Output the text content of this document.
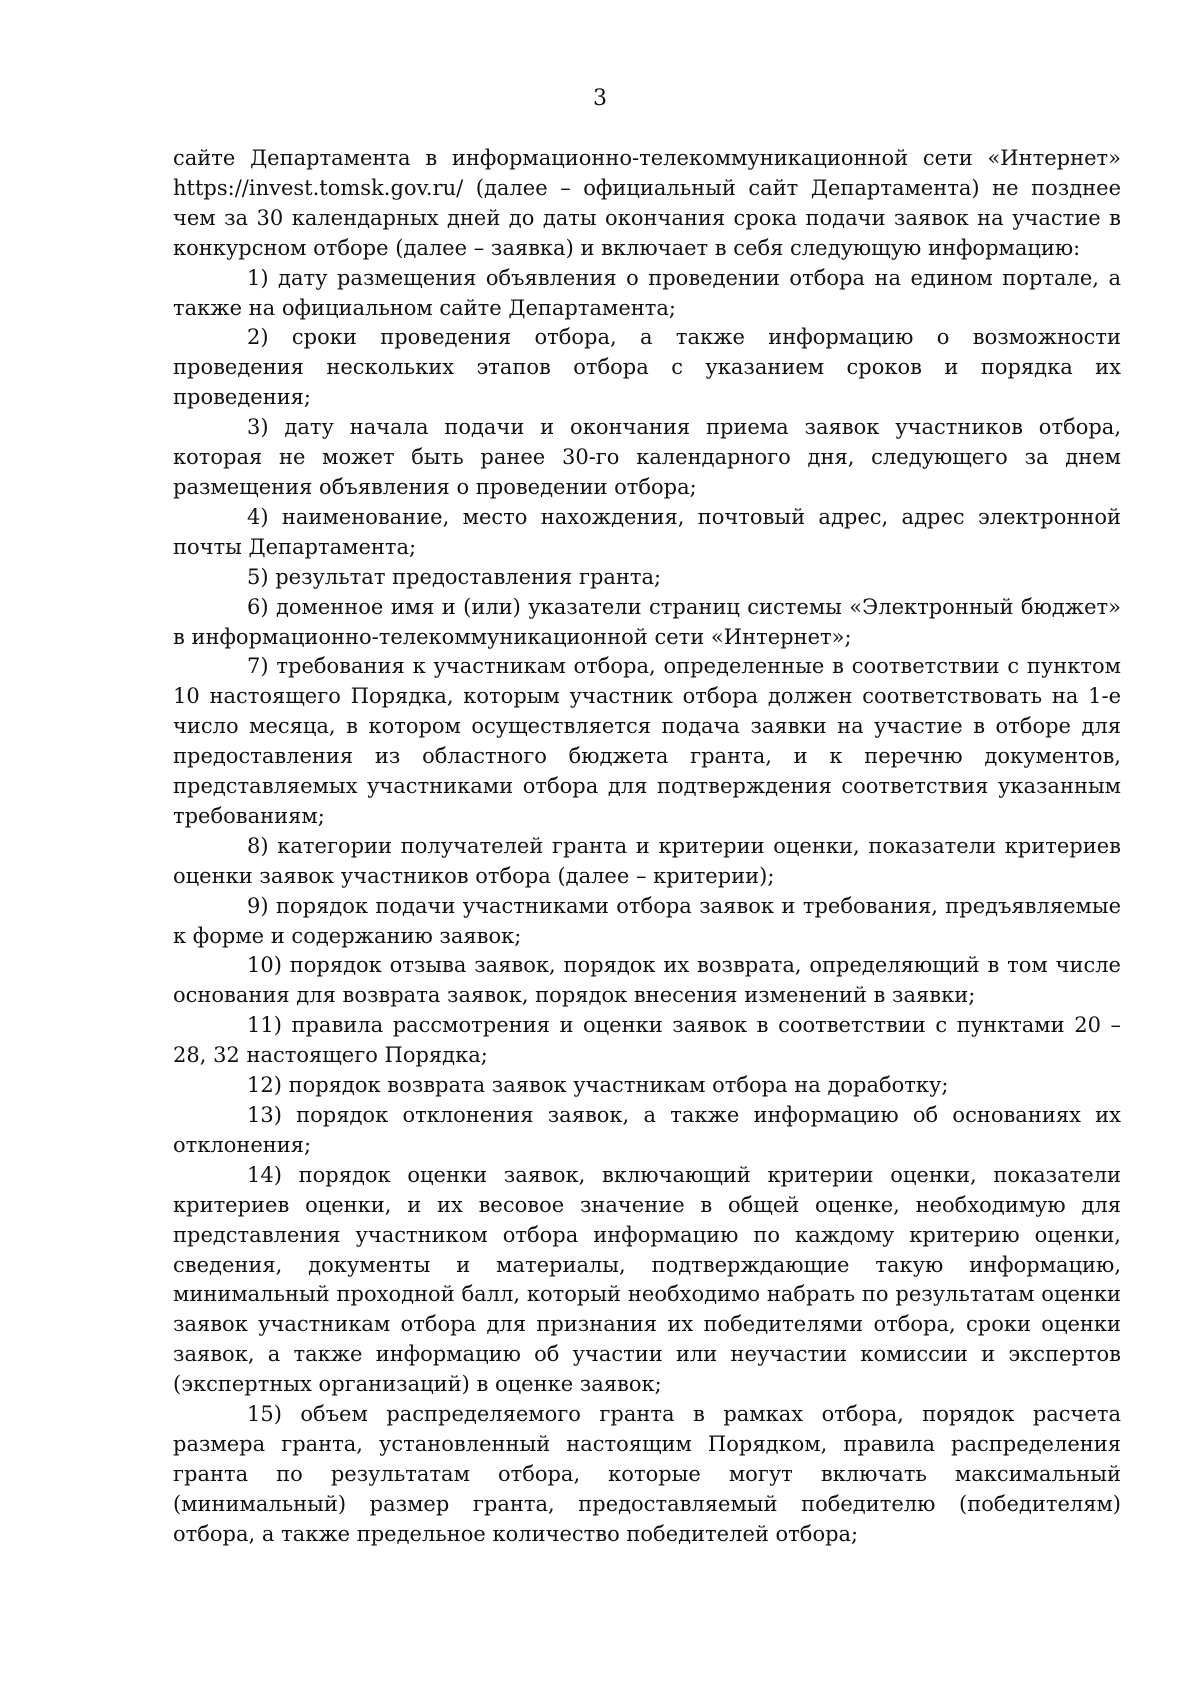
3

сайте Департамента в информационно-телекоммуникационной сети «Интернет» https://invest.tomsk.gov.ru/ (далее – официальный сайт Департамента) не позднее чем за 30 календарных дней до даты окончания срока подачи заявок на участие в конкурсном отборе (далее – заявка) и включает в себя следующую информацию:

1) дату размещения объявления о проведении отбора на едином портале, а также на официальном сайте Департамента;

2) сроки проведения отбора, а также информацию о возможности проведения нескольких этапов отбора с указанием сроков и порядка их проведения;

3) дату начала подачи и окончания приема заявок участников отбора, которая не может быть ранее 30-го календарного дня, следующего за днем размещения объявления о проведении отбора;

4) наименование, место нахождения, почтовый адрес, адрес электронной почты Департамента;

5) результат предоставления гранта;

6) доменное имя и (или) указатели страниц системы «Электронный бюджет» в информационно-телекоммуникационной сети «Интернет»;

7) требования к участникам отбора, определенные в соответствии с пунктом 10 настоящего Порядка, которым участник отбора должен соответствовать на 1-е число месяца, в котором осуществляется подача заявки на участие в отборе для предоставления из областного бюджета гранта, и к перечню документов, представляемых участниками отбора для подтверждения соответствия указанным требованиям;

8) категории получателей гранта и критерии оценки, показатели критериев оценки заявок участников отбора (далее – критерии);

9) порядок подачи участниками отбора заявок и требования, предъявляемые к форме и содержанию заявок;

10) порядок отзыва заявок, порядок их возврата, определяющий в том числе основания для возврата заявок, порядок внесения изменений в заявки;

11) правила рассмотрения и оценки заявок в соответствии с пунктами 20 – 28, 32 настоящего Порядка;

12) порядок возврата заявок участникам отбора на доработку;

13) порядок отклонения заявок, а также информацию об основаниях их отклонения;

14) порядок оценки заявок, включающий критерии оценки, показатели критериев оценки, и их весовое значение в общей оценке, необходимую для представления участником отбора информацию по каждому критерию оценки, сведения, документы и материалы, подтверждающие такую информацию, минимальный проходной балл, который необходимо набрать по результатам оценки заявок участникам отбора для признания их победителями отбора, сроки оценки заявок, а также информацию об участии или неучастии комиссии и экспертов (экспертных организаций) в оценке заявок;

15) объем распределяемого гранта в рамках отбора, порядок расчета размера гранта, установленный настоящим Порядком, правила распределения гранта по результатам отбора, которые могут включать максимальный (минимальный) размер гранта, предоставляемый победителю (победителям) отбора, а также предельное количество победителей отбора;
